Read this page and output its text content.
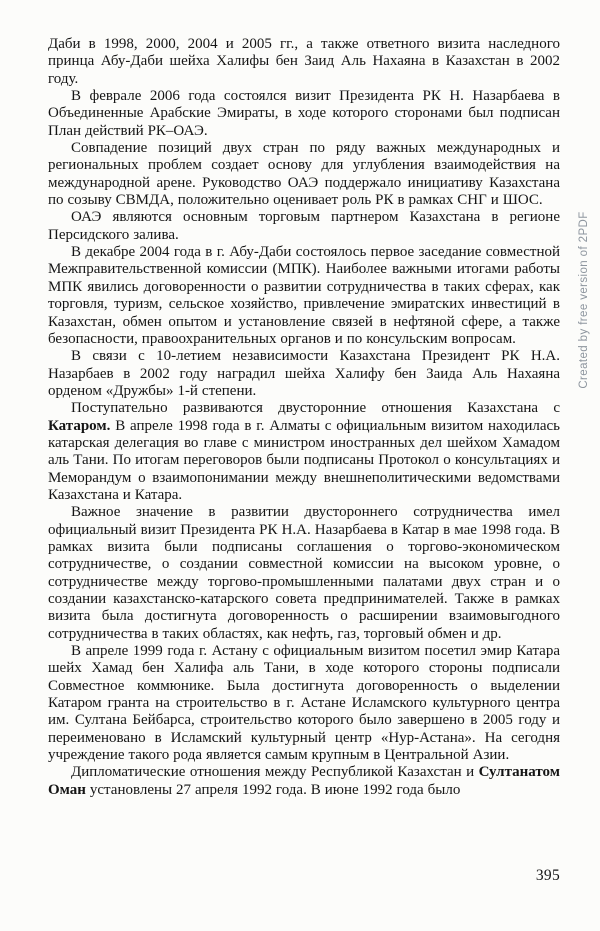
Даби в 1998, 2000, 2004 и 2005 гг., а также ответного визита наследного принца Абу-Даби шейха Халифы бен Заид Аль Нахаяна в Казахстан в 2002 году.

В феврале 2006 года состоялся визит Президента РК Н. Назарбаева в Объединенные Арабские Эмираты, в ходе которого сторонами был подписан План действий РК–ОАЭ.

Совпадение позиций двух стран по ряду важных международных и региональных проблем создает основу для углубления взаимодействия на международной арене. Руководство ОАЭ поддержало инициативу Казахстана по созыву СВМДА, положительно оценивает роль РК в рамках СНГ и ШОС.

ОАЭ являются основным торговым партнером Казахстана в регионе Персидского залива.

В декабре 2004 года в г. Абу-Даби состоялось первое заседание совместной Межправительственной комиссии (МПК). Наиболее важными итогами работы МПК явились договоренности о развитии сотрудничества в таких сферах, как торговля, туризм, сельское хозяйство, привлечение эмиратских инвестиций в Казахстан, обмен опытом и установление связей в нефтяной сфере, а также безопасности, правоохранительных органов и по консульским вопросам.

В связи с 10-летием независимости Казахстана Президент РК Н.А. Назарбаев в 2002 году наградил шейха Халифу бен Заида Аль Нахаяна орденом «Дружбы» 1-й степени.

Поступательно развиваются двусторонние отношения Казахстана с Катаром. В апреле 1998 года в г. Алматы с официальным визитом находилась катарская делегация во главе с министром иностранных дел шейхом Хамадом аль Тани. По итогам переговоров были подписаны Протокол о консультациях и Меморандум о взаимопонимании между внешнеполитическими ведомствами Казахстана и Катара.

Важное значение в развитии двустороннего сотрудничества имел официальный визит Президента РК Н.А. Назарбаева в Катар в мае 1998 года. В рамках визита были подписаны соглашения о торгово-экономическом сотрудничестве, о создании совместной комиссии на высоком уровне, о сотрудничестве между торгово-промышленными палатами двух стран и о создании казахстанско-катарского совета предпринимателей. Также в рамках визита была достигнута договоренность о расширении взаимовыгодного сотрудничества в таких областях, как нефть, газ, торговый обмен и др.

В апреле 1999 года г. Астану с официальным визитом посетил эмир Катара шейх Хамад бен Халифа аль Тани, в ходе которого стороны подписали Совместное коммюнике. Была достигнута договоренность о выделении Катаром гранта на строительство в г. Астане Исламского культурного центра им. Султана Бейбарса, строительство которого было завершено в 2005 году и переименовано в Исламский культурный центр «Нур-Астана». На сегодня учреждение такого рода является самым крупным в Центральной Азии.

Дипломатические отношения между Республикой Казахстан и Султанатом Оман установлены 27 апреля 1992 года. В июне 1992 года было

395
Created by free version of 2PDF
